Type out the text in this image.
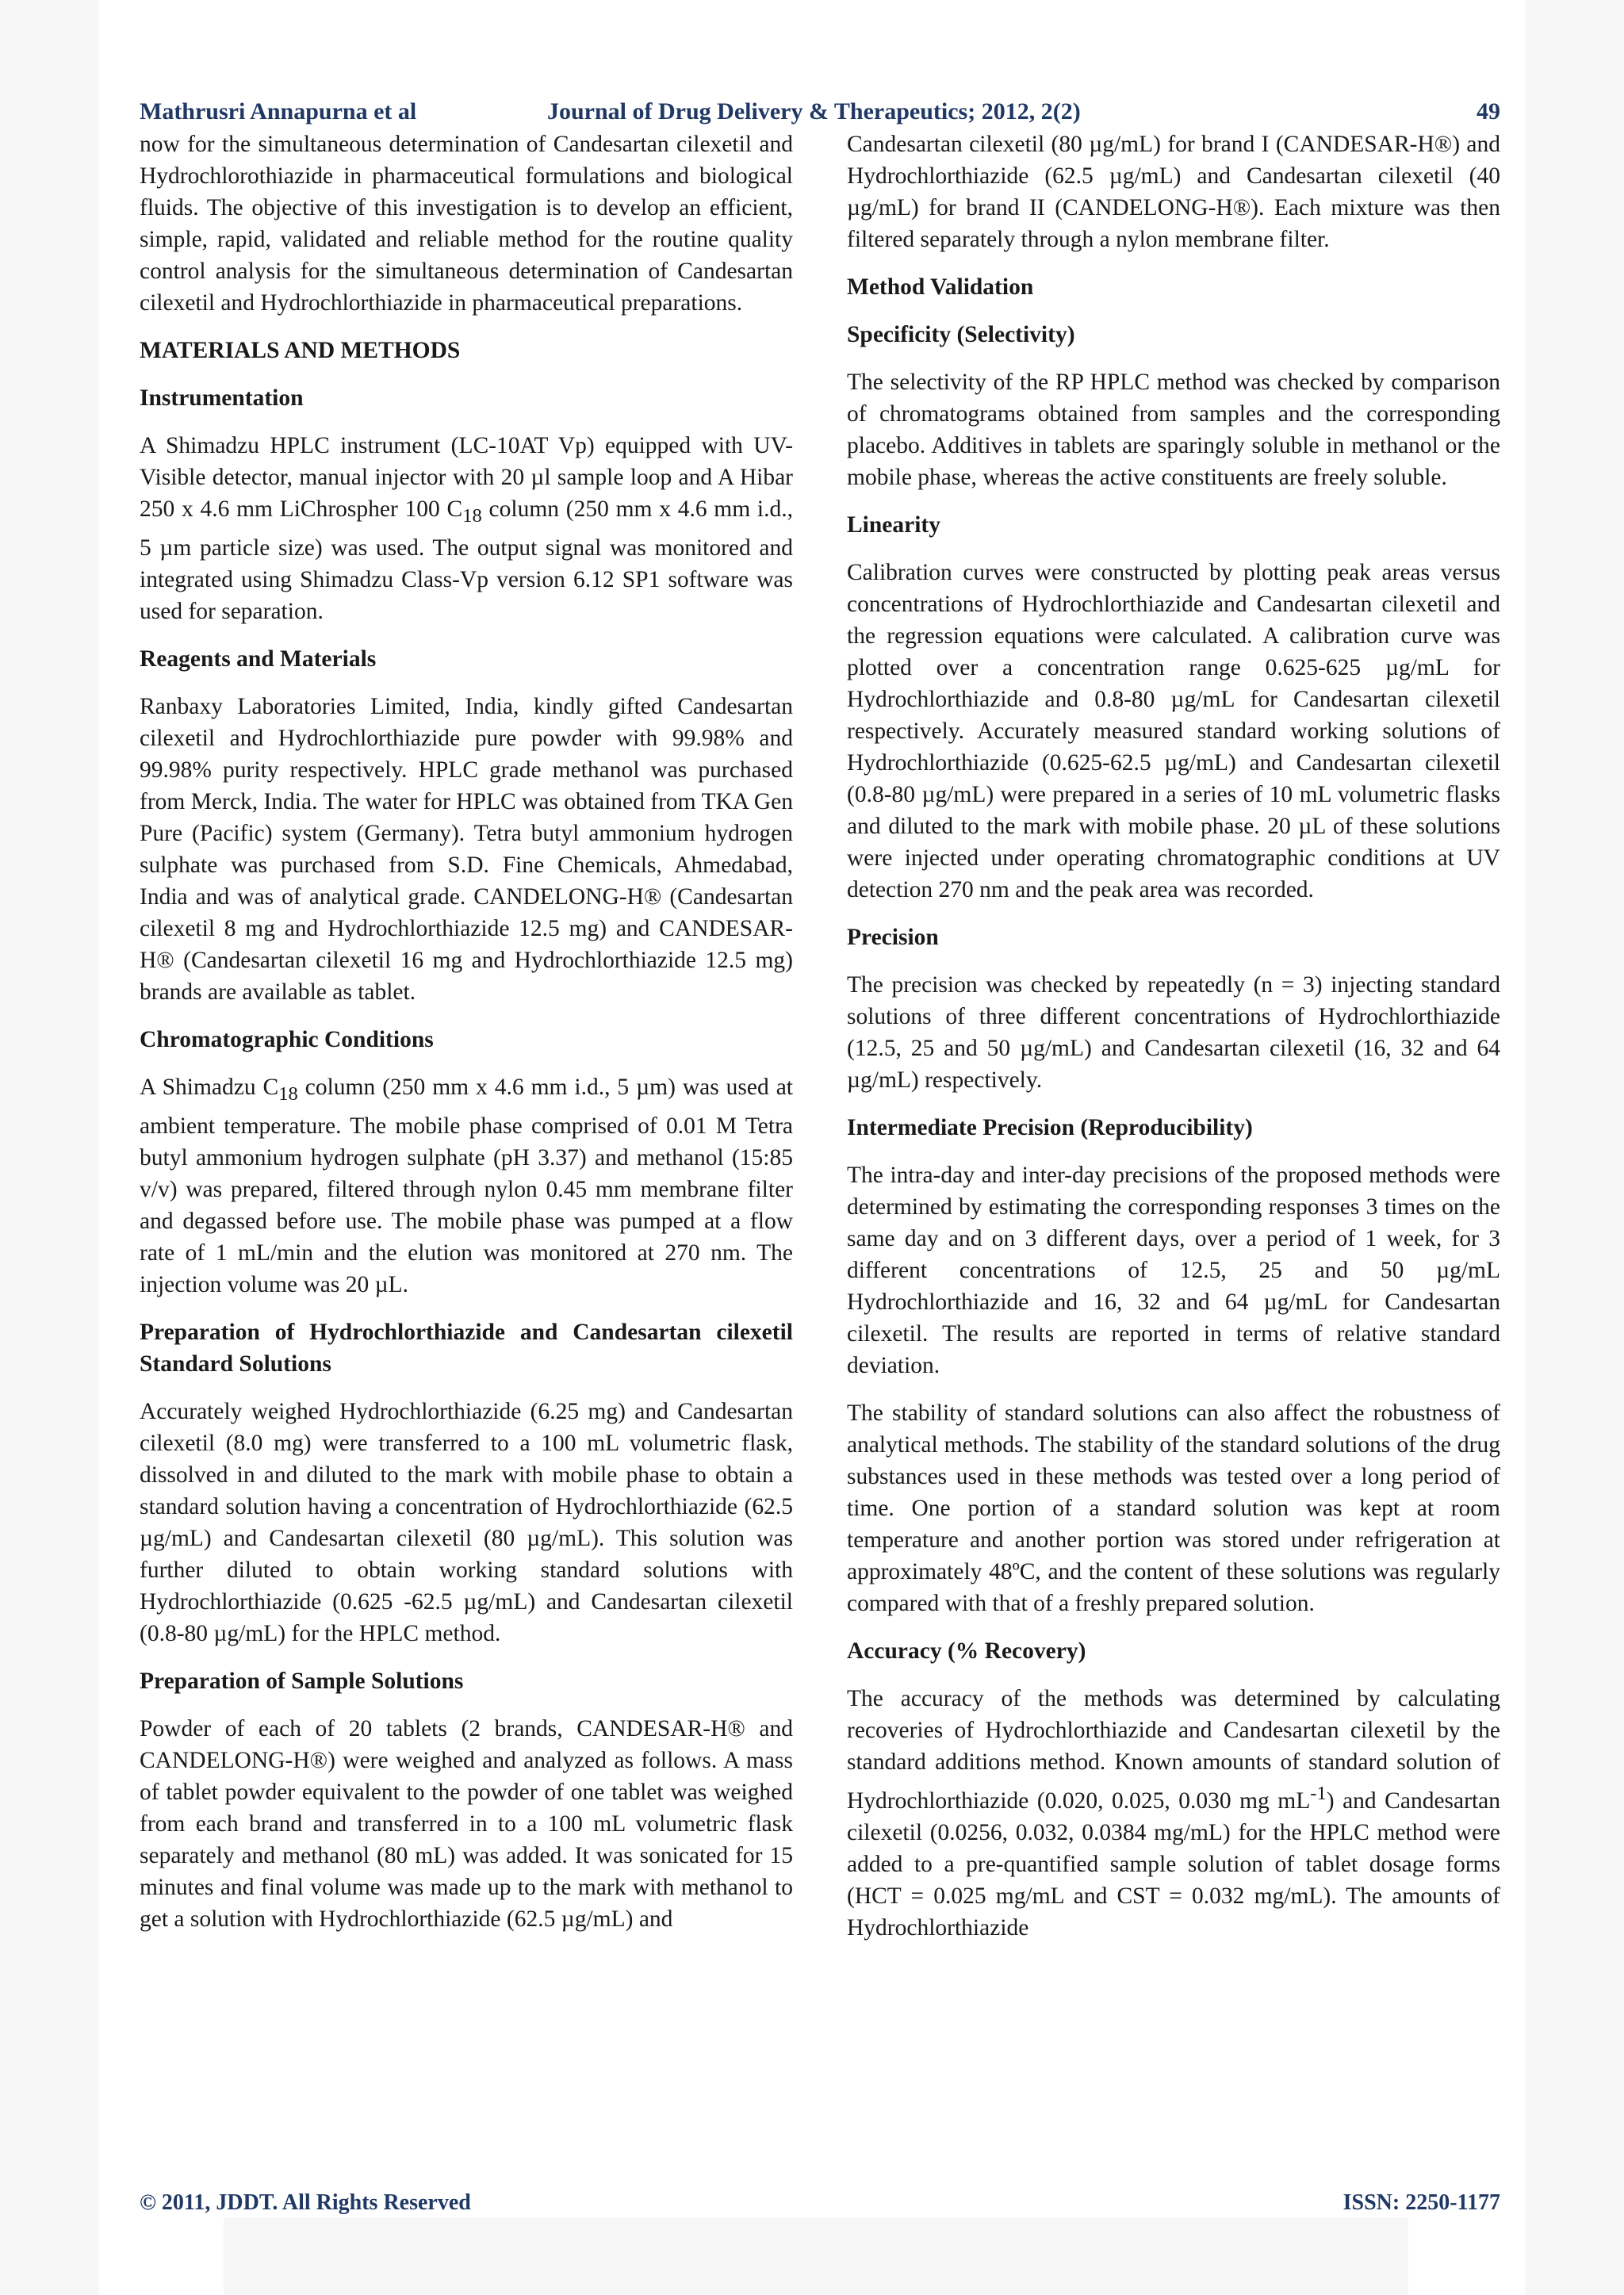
Mathrusri Annapurna et al	Journal of Drug Delivery & Therapeutics; 2012, 2(2)	49

now for the simultaneous determination of Candesartan cilexetil and Hydrochlorothiazide in pharmaceutical formulations and biological fluids. The objective of this investigation is to develop an efficient, simple, rapid, validated and reliable method for the routine quality control analysis for the simultaneous determination of Candesartan cilexetil and Hydrochlorthiazide in pharmaceutical preparations.

MATERIALS AND METHODS
Instrumentation

A Shimadzu HPLC instrument (LC-10AT Vp) equipped with UV-Visible detector, manual injector with 20 µl sample loop and A Hibar 250 x 4.6 mm LiChrospher 100 $C_{18}$ column (250 mm x 4.6 mm i.d., 5 µm particle size) was used. The output signal was monitored and integrated using Shimadzu Class-Vp version 6.12 SP1 software was used for separation.

Reagents and Materials

Ranbaxy Laboratories Limited, India, kindly gifted Candesartan cilexetil and Hydrochlorthiazide pure powder with 99.98% and 99.98% purity respectively. HPLC grade methanol was purchased from Merck, India. The water for HPLC was obtained from TKA Gen Pure (Pacific) system (Germany). Tetra butyl ammonium hydrogen sulphate was purchased from S.D. Fine Chemicals, Ahmedabad, India and was of analytical grade. CANDELONG-H® (Candesartan cilexetil 8 mg and Hydrochlorthiazide 12.5 mg) and CANDESAR-H® (Candesartan cilexetil 16 mg and Hydrochlorthiazide 12.5 mg) brands are available as tablet.

Chromatographic Conditions

A Shimadzu $C_{18}$ column (250 mm x 4.6 mm i.d., 5 µm) was used at ambient temperature. The mobile phase comprised of 0.01 M Tetra butyl ammonium hydrogen sulphate (pH 3.37) and methanol (15:85 v/v) was prepared, filtered through nylon 0.45 mm membrane filter and degassed before use. The mobile phase was pumped at a flow rate of 1 mL/min and the elution was monitored at 270 nm. The injection volume was 20 µL.

Preparation of Hydrochlorthiazide and Candesartan cilexetil Standard Solutions

Accurately weighed Hydrochlorthiazide (6.25 mg) and Candesartan cilexetil (8.0 mg) were transferred to a 100 mL volumetric flask, dissolved in and diluted to the mark with mobile phase to obtain a standard solution having a concentration of Hydrochlorthiazide (62.5 µg/mL) and Candesartan cilexetil (80 µg/mL). This solution was further diluted to obtain working standard solutions with Hydrochlorthiazide (0.625 -62.5 µg/mL) and Candesartan cilexetil (0.8-80 µg/mL) for the HPLC method.

Preparation of Sample Solutions

Powder of each of 20 tablets (2 brands, CANDESAR-H® and CANDELONG-H®) were weighed and analyzed as follows. A mass of tablet powder equivalent to the powder of one tablet was weighed from each brand and transferred in to a 100 mL volumetric flask separately and methanol (80 mL) was added. It was sonicated for 15 minutes and final volume was made up to the mark with methanol to get a solution with Hydrochlorthiazide (62.5 µg/mL) and

Candesartan cilexetil (80 µg/mL) for brand I (CANDESAR-H®) and Hydrochlorthiazide (62.5 µg/mL) and Candesartan cilexetil (40 µg/mL) for brand II (CANDELONG-H®). Each mixture was then filtered separately through a nylon membrane filter.

Method Validation
Specificity (Selectivity)

The selectivity of the RP HPLC method was checked by comparison of chromatograms obtained from samples and the corresponding placebo. Additives in tablets are sparingly soluble in methanol or the mobile phase, whereas the active constituents are freely soluble.

Linearity

Calibration curves were constructed by plotting peak areas versus concentrations of Hydrochlorthiazide and Candesartan cilexetil and the regression equations were calculated. A calibration curve was plotted over a concentration range 0.625-625 µg/mL for Hydrochlorthiazide and 0.8-80 µg/mL for Candesartan cilexetil respectively. Accurately measured standard working solutions of Hydrochlorthiazide (0.625-62.5 µg/mL) and Candesartan cilexetil (0.8-80 µg/mL) were prepared in a series of 10 mL volumetric flasks and diluted to the mark with mobile phase. 20 µL of these solutions were injected under operating chromatographic conditions at UV detection 270 nm and the peak area was recorded.

Precision

The precision was checked by repeatedly (n = 3) injecting standard solutions of three different concentrations of Hydrochlorthiazide (12.5, 25 and 50 µg/mL) and Candesartan cilexetil (16, 32 and 64 µg/mL) respectively.

Intermediate Precision (Reproducibility)

The intra-day and inter-day precisions of the proposed methods were determined by estimating the corresponding responses 3 times on the same day and on 3 different days, over a period of 1 week, for 3 different concentrations of 12.5, 25 and 50 µg/mL Hydrochlorthiazide and 16, 32 and 64 µg/mL for Candesartan cilexetil. The results are reported in terms of relative standard deviation.

The stability of standard solutions can also affect the robustness of analytical methods. The stability of the standard solutions of the drug substances used in these methods was tested over a long period of time. One portion of a standard solution was kept at room temperature and another portion was stored under refrigeration at approximately 48ºC, and the content of these solutions was regularly compared with that of a freshly prepared solution.

Accuracy (% Recovery)

The accuracy of the methods was determined by calculating recoveries of Hydrochlorthiazide and Candesartan cilexetil by the standard additions method. Known amounts of standard solution of Hydrochlorthiazide (0.020, 0.025, 0.030 mg $mL^{-1}$) and Candesartan cilexetil (0.0256, 0.032, 0.0384 mg/mL) for the HPLC method were added to a pre-quantified sample solution of tablet dosage forms (HCT = 0.025 mg/mL and CST = 0.032 mg/mL). The amounts of Hydrochlorthiazide

© 2011, JDDT. All Rights Reserved	ISSN: 2250-1177
